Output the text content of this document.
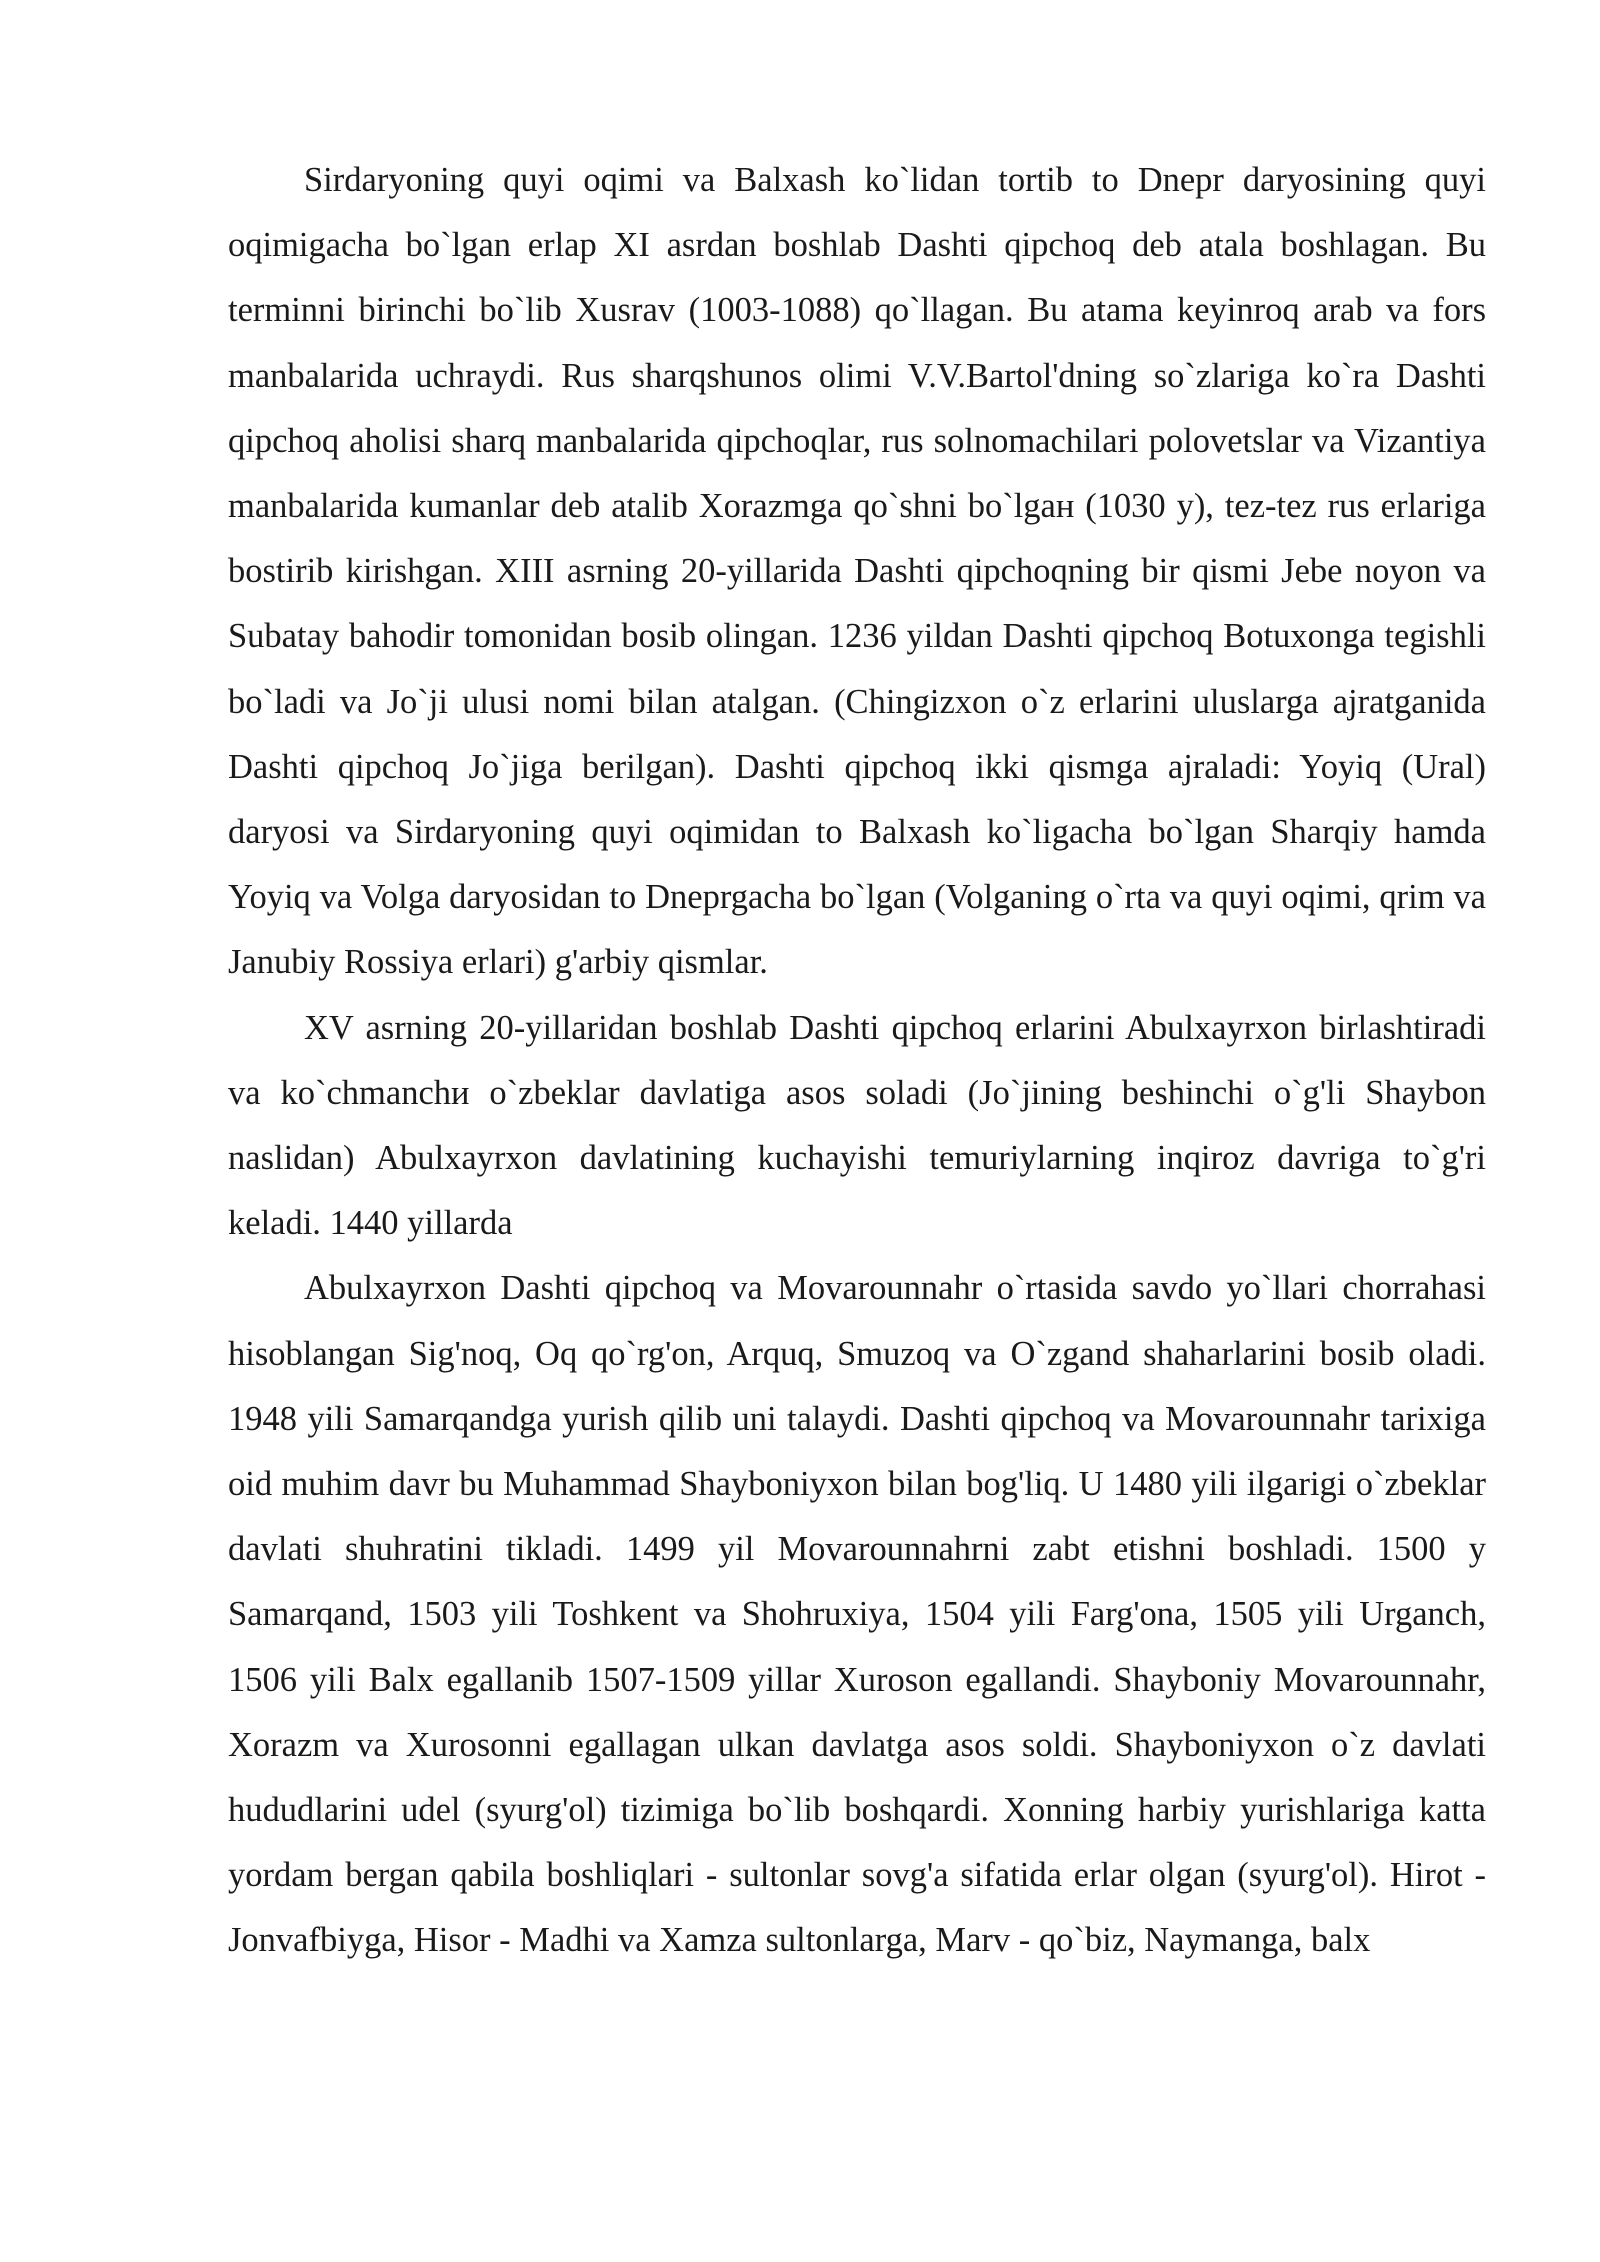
Sirdaryoning quyi oqimi va Balxash ko`lidan tortib to Dnepr daryosining quyi oqimigacha bo`lgan erlap XI asrdan boshlab Dashti qipchoq deb atala boshlagan. Bu terminni birinchi bo`lib Xusrav (1003-1088) qo`llagan. Bu atama keyinroq arab va fors manbalarida uchraydi. Rus sharqshunos olimi V.V.Bartol'dning so`zlariga ko`ra Dashti qipchoq aholisi sharq manbalarida qipchoqlar, rus solnomachilari polovetslar va Vizantiya manbalarida kumanlar deb atalib Xorazmga qo`shni bo`lgaн (1030 y), tez-tez rus erlariga bostirib kirishgan. XIII asrning 20-yillarida Dashti qipchoqning bir qismi Jebe noyon va Subatay bahodir tomonidan bosib olingan. 1236 yildan Dashti qipchoq Botuxonga tegishli bo`ladi va Jo`ji ulusi nomi bilan atalgan. (Chingizxon o`z erlarini uluslarga ajratganida Dashti qipchoq Jo`jiga berilgan). Dashti qipchoq ikki qismga ajraladi: Yoyiq (Ural) daryosi va Sirdaryoning quyi oqimidan to Balxash ko`ligacha bo`lgan Sharqiy hamda Yoyiq va Volga daryosidan to Dneprgacha bo`lgan (Volganing o`rta va quyi oqimi, qrim va Janubiy Rossiya erlari) g'arbiy qismlar.

XV asrning 20-yillaridan boshlab Dashti qipchoq erlarini Abulxayrxon birlashtiradi va ko`chmanchи o`zbeklar davlatiga asos soladi (Jo`jining beshinchi o`g'li Shaybon naslidan) Abulxayrxon davlatining kuchayishi temuriylarning inqiroz davriga to`g'ri keladi. 1440 yillarda

Abulxayrxon Dashti qipchoq va Movarounnahr o`rtasida savdo yo`llari chorrahasi hisoblangan Sig'noq, Oq qo`rg'on, Arquq, Smuzoq va O`zgand shaharlarini bosib oladi. 1948 yili Samarqandga yurish qilib uni talaydi. Dashti qipchoq va Movarounnahr tarixiga oid muhim davr bu Muhammad Shayboniyxon bilan bog'liq. U 1480 yili ilgarigi o`zbeklar davlati shuhratini tikladi. 1499 yil Movarounnahrni zabt etishni boshladi. 1500 y Samarqand, 1503 yili Toshkent va Shohruxiya, 1504 yili Farg'ona, 1505 yili Urganch, 1506 yili Balx egallanib 1507-1509 yillar Xuroson egallandi. Shayboniy Movarounnahr, Xorazm va Xurosonni egallagan ulkan davlatga asos soldi. Shayboniyxon o`z davlati hududlarini udel (syurg'ol) tizimiga bo`lib boshqardi. Xonning harbiy yurishlariga katta yordam bergan qabila boshliqlari - sultonlar sovg'a sifatida erlar olgan (syurg'ol). Hirot - Jonvafbiyga, Hisor - Madhi va Xamza sultonlarga, Marv - qo`biz, Naymanga, balx
